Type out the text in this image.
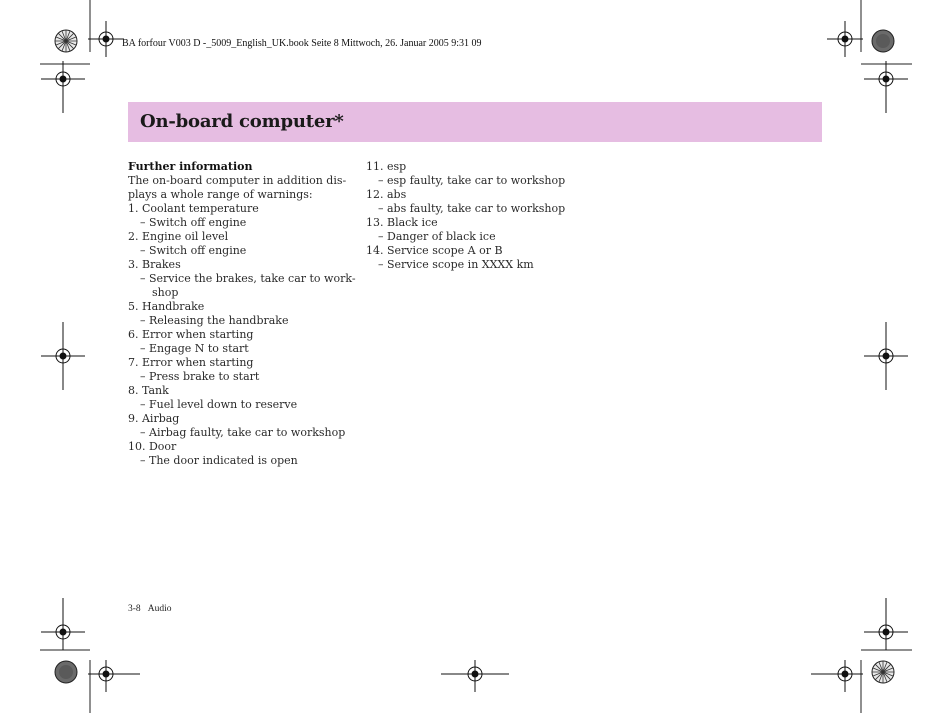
BA forfour V003 D -_5009_English_UK.book Seite 8 Mittwoch, 26. Januar 2005 9:31 09
On-board computer*
Further information
The on-board computer in addition dis-
plays a whole range of warnings:
1. Coolant temperature
– Switch off engine
2. Engine oil level
– Switch off engine
3. Brakes
– Service the brakes, take car to work-
shop
5. Handbrake
– Releasing the handbrake
6. Error when starting
– Engage N to start
7. Error when starting
– Press brake to start
8. Tank
– Fuel level down to reserve
9. Airbag
– Airbag faulty, take car to workshop
10. Door
– The door indicated is open
11. esp
– esp faulty, take car to workshop
12. abs
– abs faulty, take car to workshop
13. Black ice
– Danger of black ice
14. Service scope A or B
– Service scope in XXXX km
3-8 Audio
